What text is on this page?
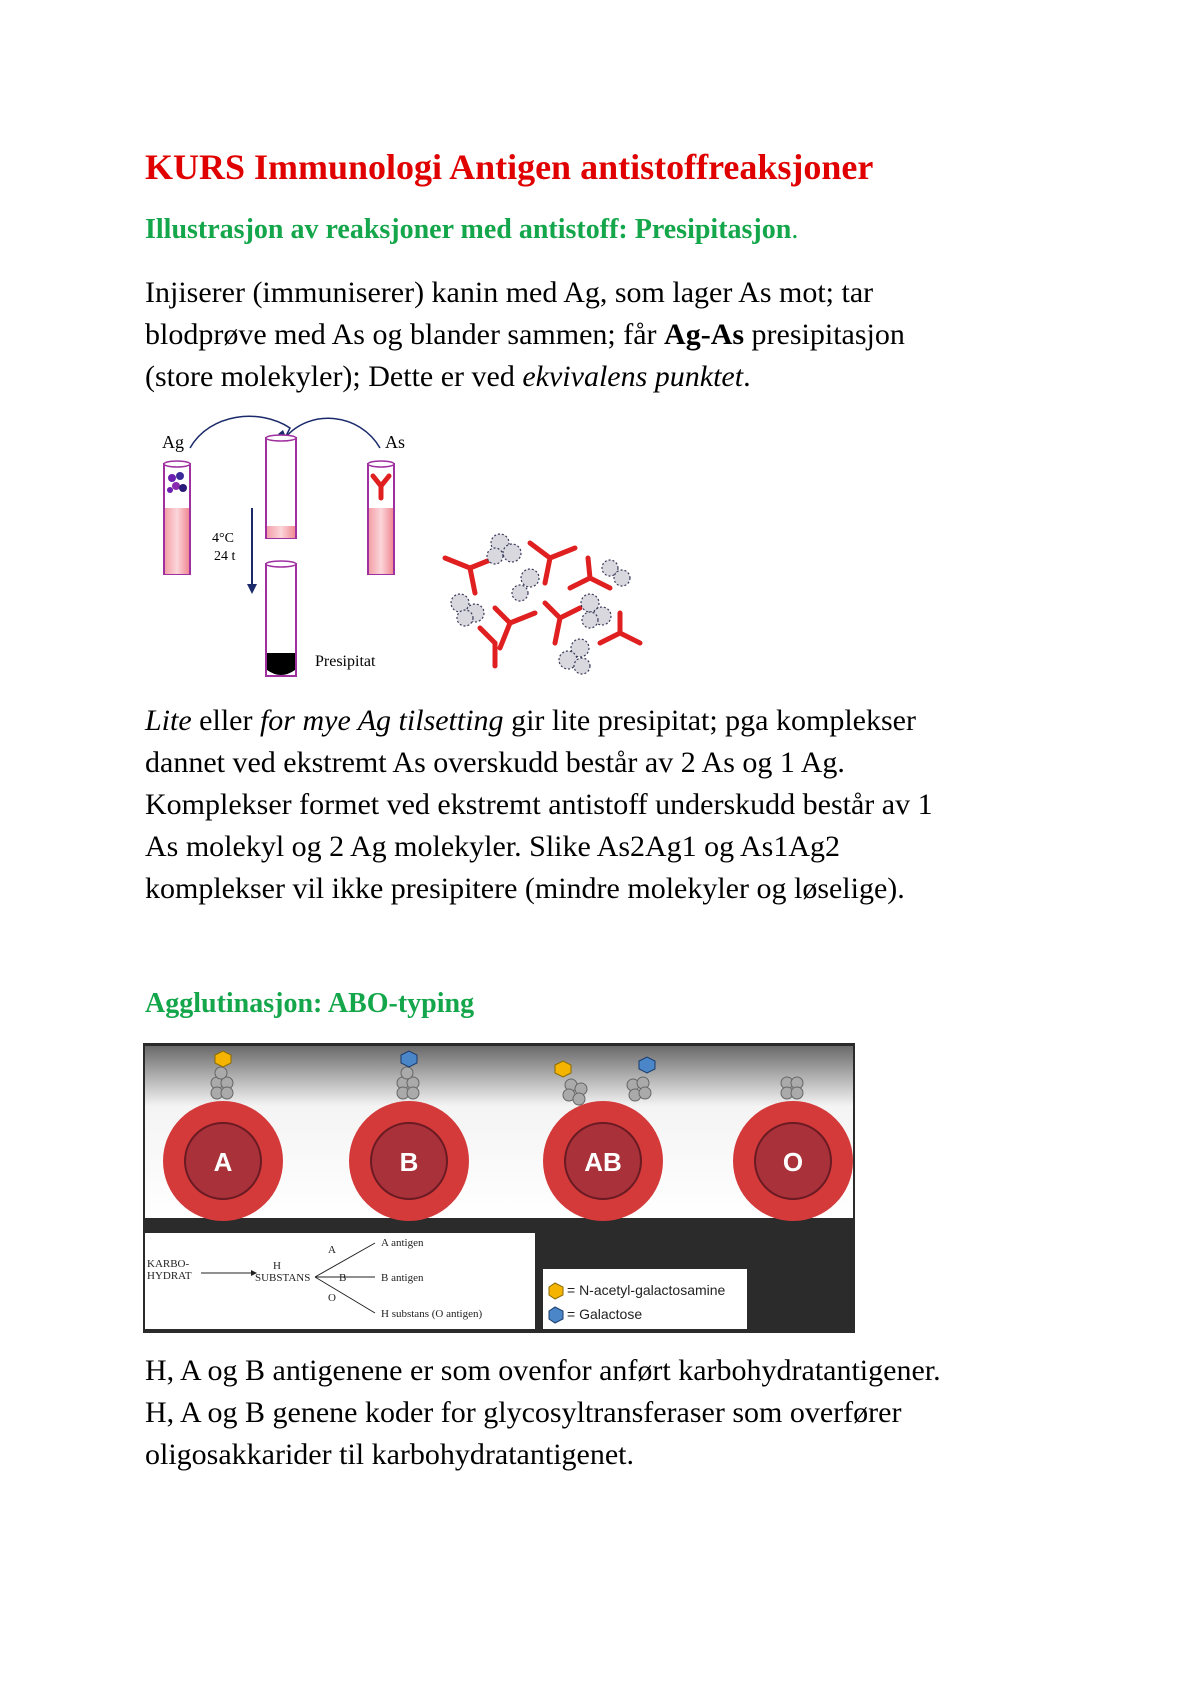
KURS Immunologi Antigen antistoffreaksjoner
Illustrasjon av reaksjoner med antistoff: Presipitasjon.
Injiserer (immuniserer) kanin med Ag, som lager As mot; tar
blodprøve med As og blander sammen; får Ag-As presipitasjon
(store molekyler); Dette er ved ekvivalens punktet.
Ag	As
4°C
24 t
Presipitat
Lite eller for mye Ag tilsetting gir lite presipitat; pga komplekser
dannet ved ekstremt As overskudd består av 2 As og 1 Ag.
Komplekser formet ved ekstremt antistoff underskudd består av 1
As molekyl og 2 Ag molekyler. Slike As2Ag1 og As1Ag2
komplekser vil ikke presipitere (mindre molekyler og løselige).
Agglutinasjon: ABO-typing
A	B	AB	O
KARBO-
HYDRAT
H
SUBSTANS
A
B
O
A antigen
B antigen
H substans (O antigen)
= N-acetyl-galactosamine
= Galactose
H, A og B antigenene er som ovenfor anført karbohydratantigener.
H, A og B genene koder for glycosyltransferaser som overfører
oligosakkarider til karbohydratantigenet.
